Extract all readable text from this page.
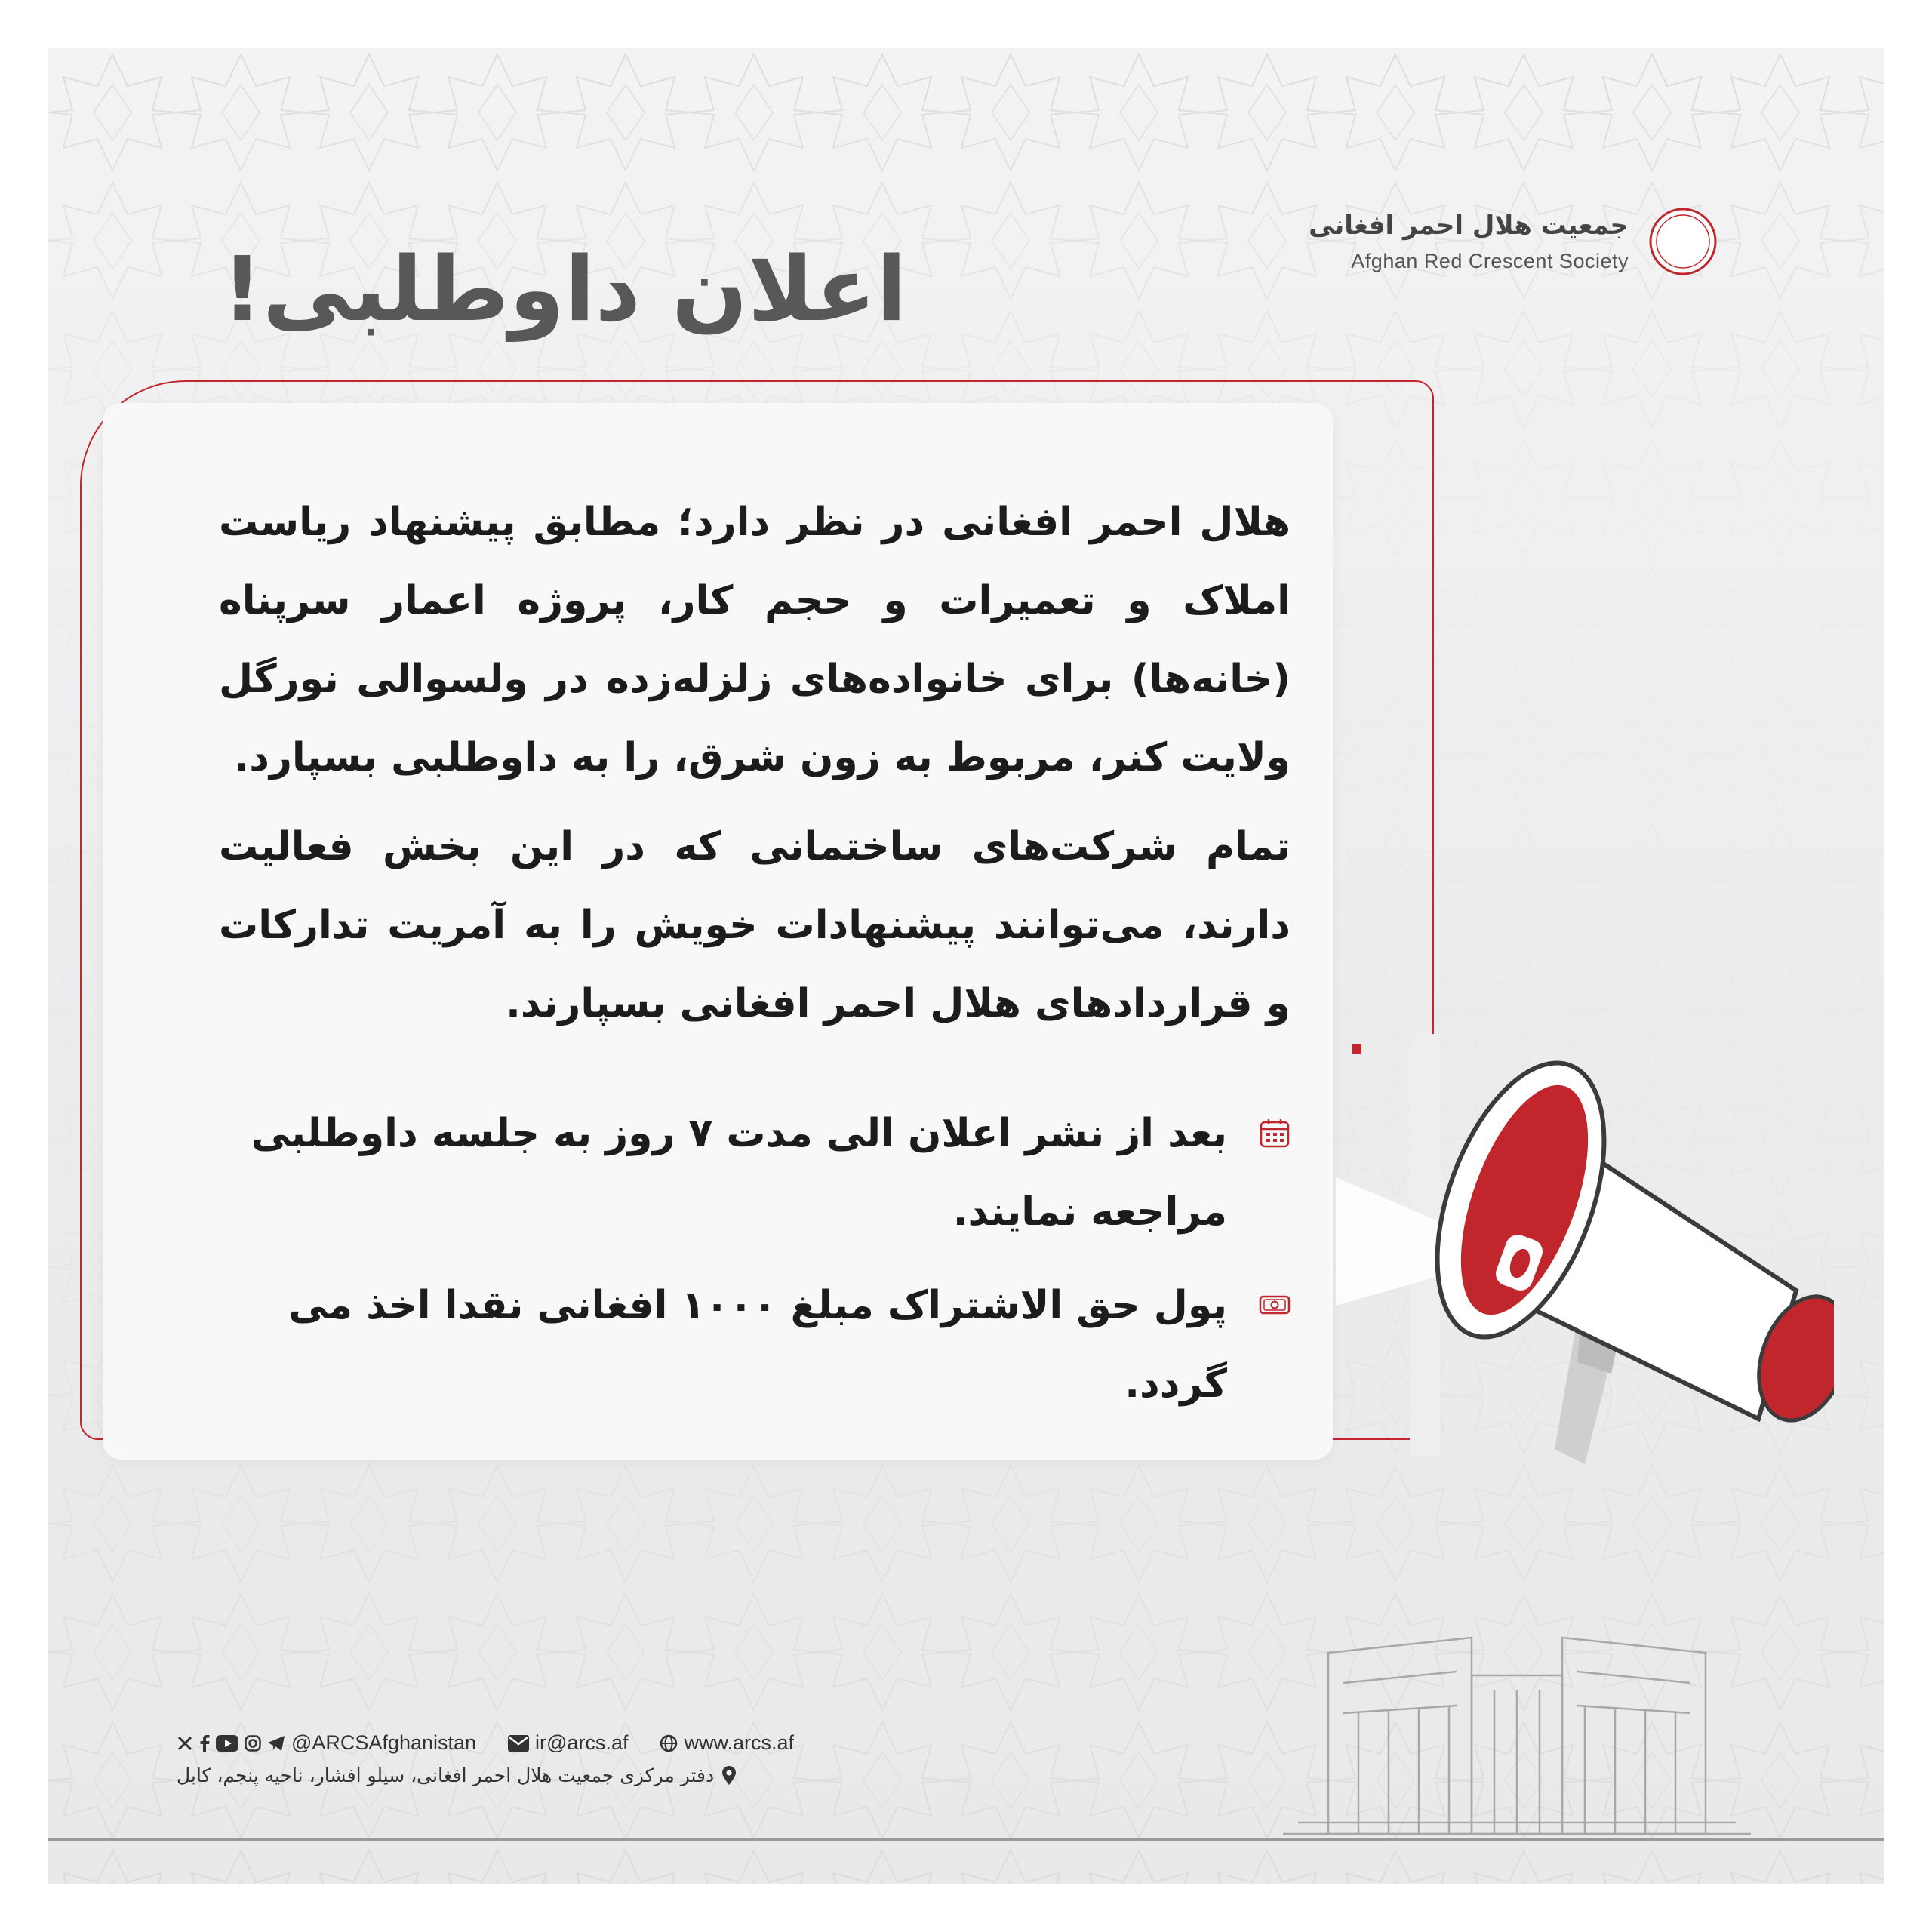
جمعیت هلال احمر افغانی
Afghan Red Crescent Society
اعلان داوطلبی!

هلال احمر افغانی در نظر دارد؛ مطابق پیشنهاد ریاست املاک و تعمیرات و حجم کار، پروژه اعمار سرپناه (خانه‌ها) برای خانواده‌های زلزله‌زده در ولسوالی نورگل ولایت کنر، مربوط به زون شرق، را به داوطلبی بسپارد.

تمام شرکت‌های ساختمانی که در این بخش فعالیت دارند، می‌توانند پیشنهادات خویش را به آمریت تدارکات و قراردادهای هلال احمر افغانی بسپارند.

بعد از نشر اعلان الی مدت ۷ روز به جلسه داوطلبی مراجعه نمایند.
پول حق الاشتراک مبلغ ۱۰۰۰ افغانی نقدا اخذ می گردد.
@ARCSAfghanistan	ir@arcs.af	www.arcs.af
دفتر مرکزی جمعیت هلال احمر افغانی، سیلو افشار، ناحیه پنجم، کابل
